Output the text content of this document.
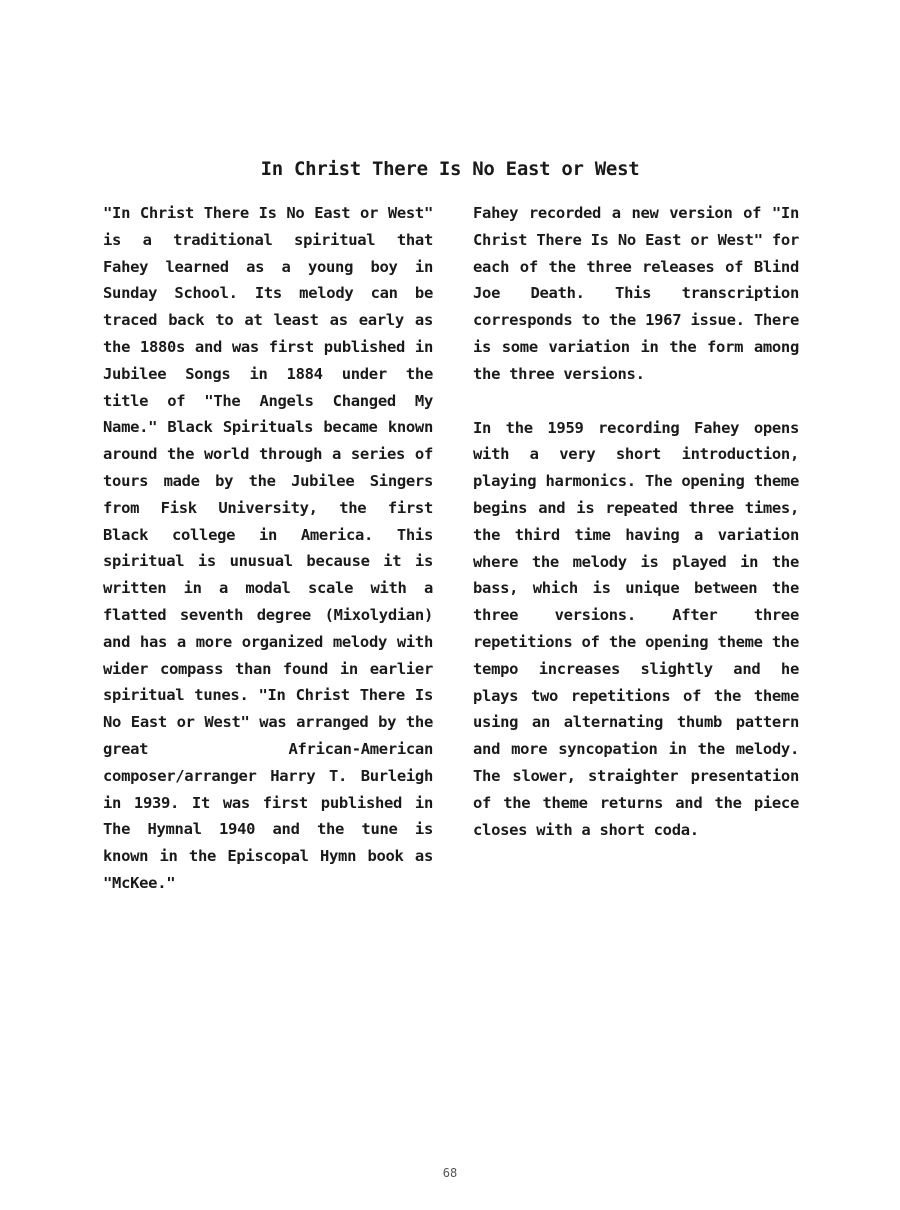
In Christ There Is No East or West

"In Christ There Is No East or West" is a traditional spiritual that Fahey learned as a young boy in Sunday School. Its melody can be traced back to at least as early as the 1880s and was first published in Jubilee Songs in 1884 under the title of "The Angels Changed My Name." Black Spirituals became known around the world through a series of tours made by the Jubilee Singers from Fisk University, the first Black college in America. This spiritual is unusual because it is written in a modal scale with a flatted seventh degree (Mixolydian) and has a more organized melody with wider compass than found in earlier spiritual tunes. "In Christ There Is No East or West" was arranged by the great African-American composer/arranger Harry T. Burleigh in 1939. It was first published in The Hymnal 1940 and the tune is known in the Episcopal Hymn book as "McKee."

Fahey recorded a new version of "In Christ There Is No East or West" for each of the three releases of Blind Joe Death. This transcription corresponds to the 1967 issue. There is some variation in the form among the three versions.

In the 1959 recording Fahey opens with a very short introduction, playing harmonics. The opening theme begins and is repeated three times, the third time having a variation where the melody is played in the bass, which is unique between the three versions. After three repetitions of the opening theme the tempo increases slightly and he plays two repetitions of the theme using an alternating thumb pattern and more syncopation in the melody. The slower, straighter presentation of the theme returns and the piece closes with a short coda.

68
